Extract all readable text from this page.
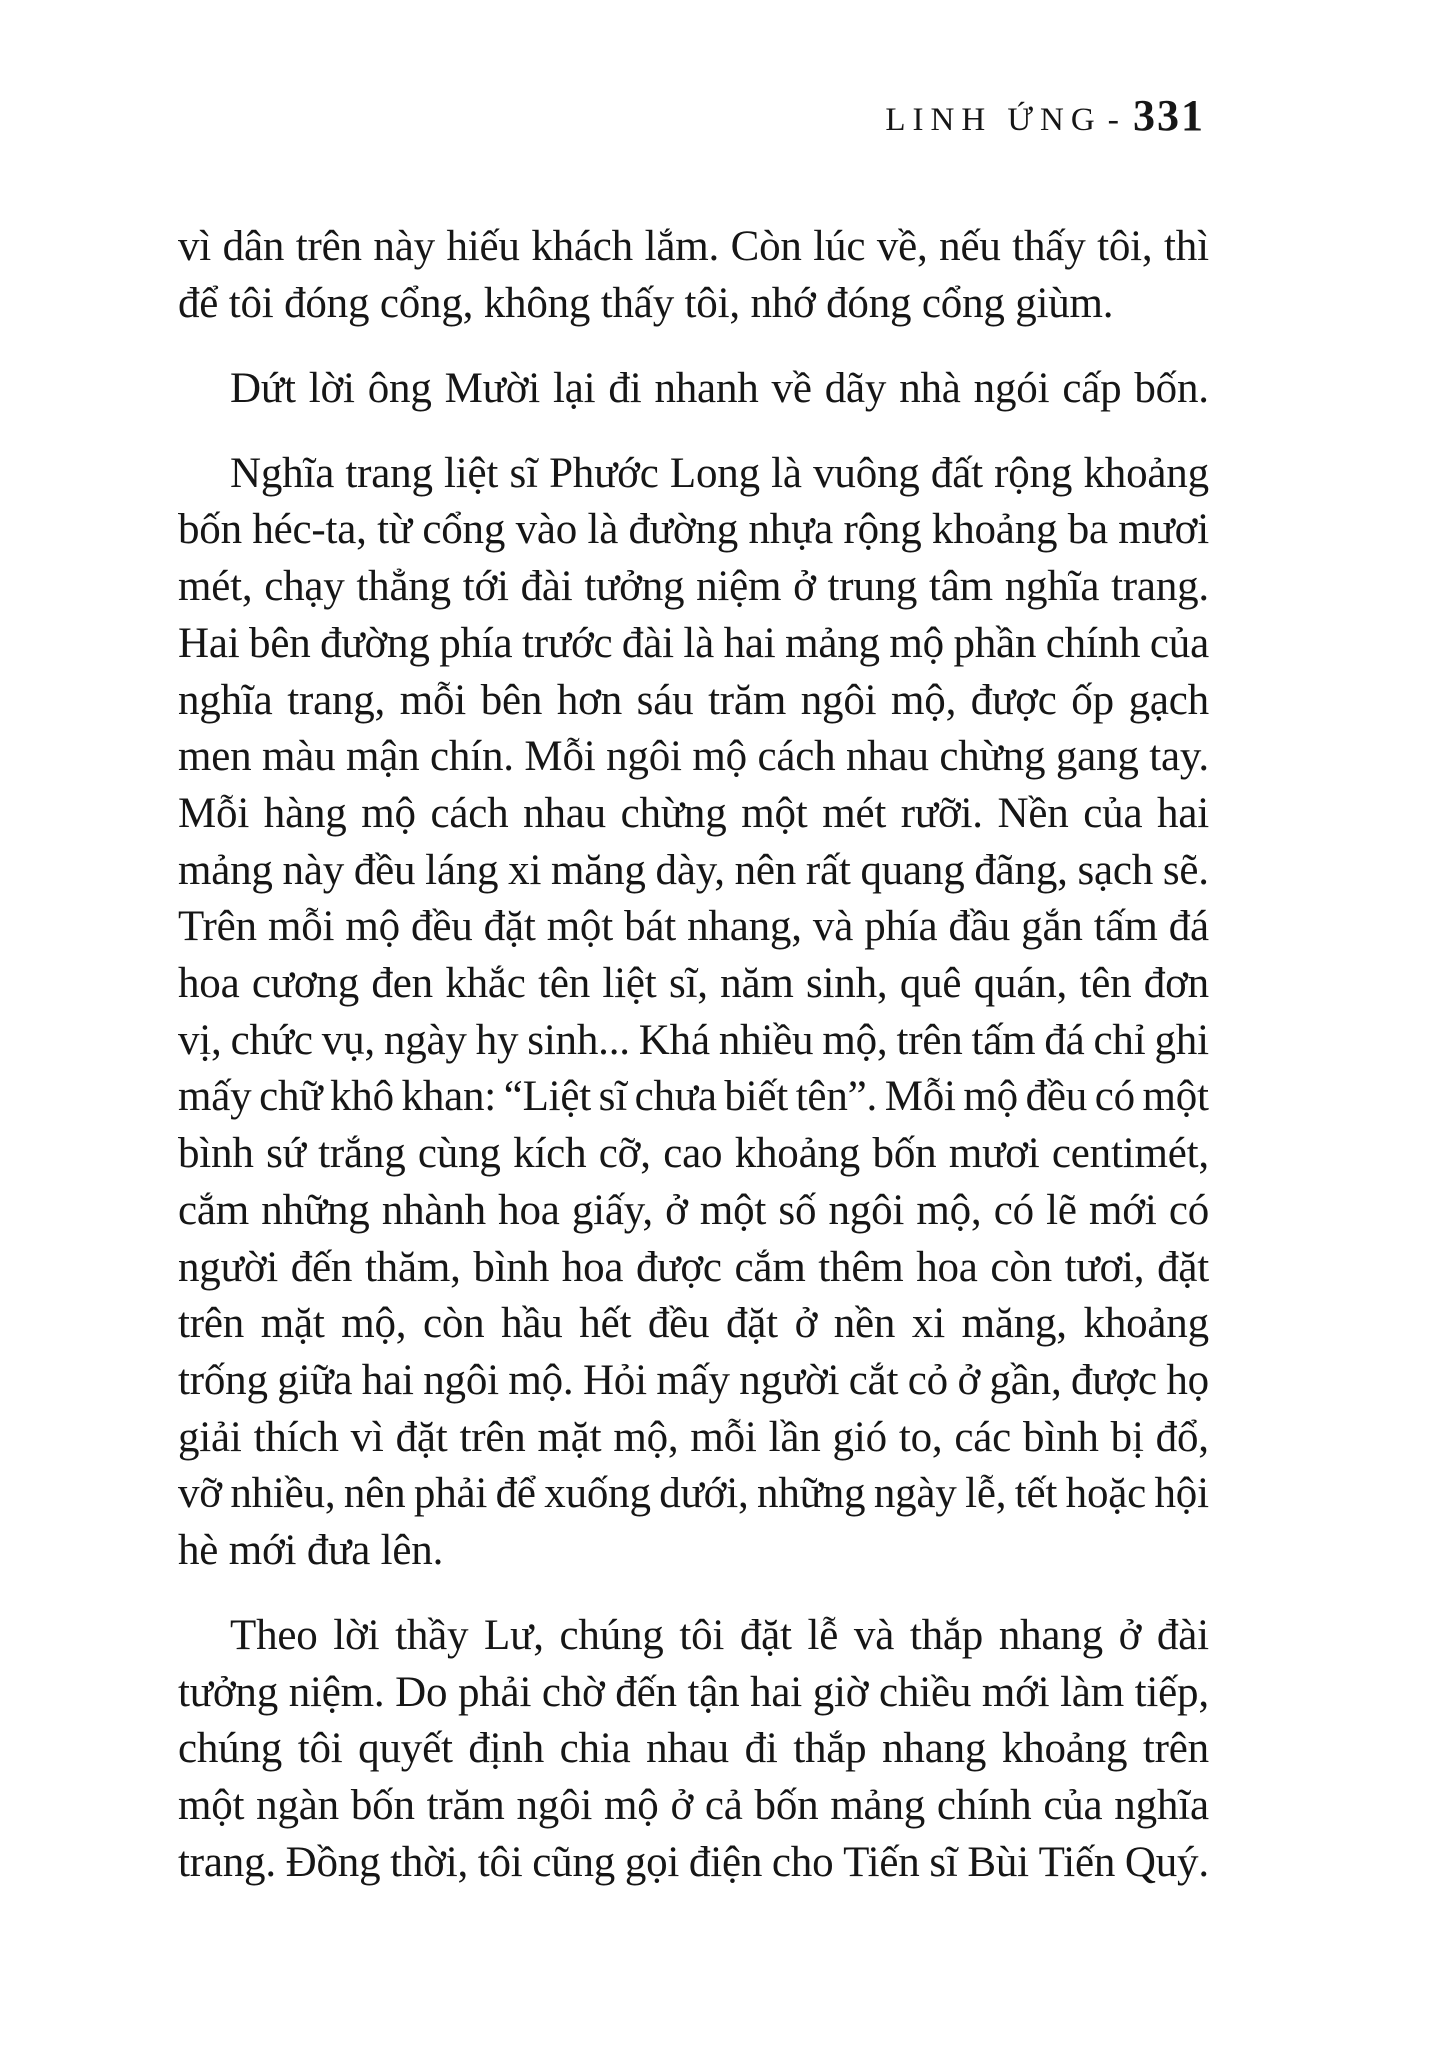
LINH ỨNG - 331
vì dân trên này hiếu khách lắm. Còn lúc về, nếu thấy tôi, thì
để tôi đóng cổng, không thấy tôi, nhớ đóng cổng giùm.
Dứt lời ông Mười lại đi nhanh về dãy nhà ngói cấp bốn.
Nghĩa trang liệt sĩ Phước Long là vuông đất rộng khoảng
bốn héc-ta, từ cổng vào là đường nhựa rộng khoảng ba mươi
mét, chạy thẳng tới đài tưởng niệm ở trung tâm nghĩa trang.
Hai bên đường phía trước đài là hai mảng mộ phần chính của
nghĩa trang, mỗi bên hơn sáu trăm ngôi mộ, được ốp gạch
men màu mận chín. Mỗi ngôi mộ cách nhau chừng gang tay.
Mỗi hàng mộ cách nhau chừng một mét rưỡi. Nền của hai
mảng này đều láng xi măng dày, nên rất quang đãng, sạch sẽ.
Trên mỗi mộ đều đặt một bát nhang, và phía đầu gắn tấm đá
hoa cương đen khắc tên liệt sĩ, năm sinh, quê quán, tên đơn
vị, chức vụ, ngày hy sinh... Khá nhiều mộ, trên tấm đá chỉ ghi
mấy chữ khô khan: “Liệt sĩ chưa biết tên”. Mỗi mộ đều có một
bình sứ trắng cùng kích cỡ, cao khoảng bốn mươi centimét,
cắm những nhành hoa giấy, ở một số ngôi mộ, có lẽ mới có
người đến thăm, bình hoa được cắm thêm hoa còn tươi, đặt
trên mặt mộ, còn hầu hết đều đặt ở nền xi măng, khoảng
trống giữa hai ngôi mộ. Hỏi mấy người cắt cỏ ở gần, được họ
giải thích vì đặt trên mặt mộ, mỗi lần gió to, các bình bị đổ,
vỡ nhiều, nên phải để xuống dưới, những ngày lễ, tết hoặc hội
hè mới đưa lên.
Theo lời thầy Lư, chúng tôi đặt lễ và thắp nhang ở đài
tưởng niệm. Do phải chờ đến tận hai giờ chiều mới làm tiếp,
chúng tôi quyết định chia nhau đi thắp nhang khoảng trên
một ngàn bốn trăm ngôi mộ ở cả bốn mảng chính của nghĩa
trang. Đồng thời, tôi cũng gọi điện cho Tiến sĩ Bùi Tiến Quý.
